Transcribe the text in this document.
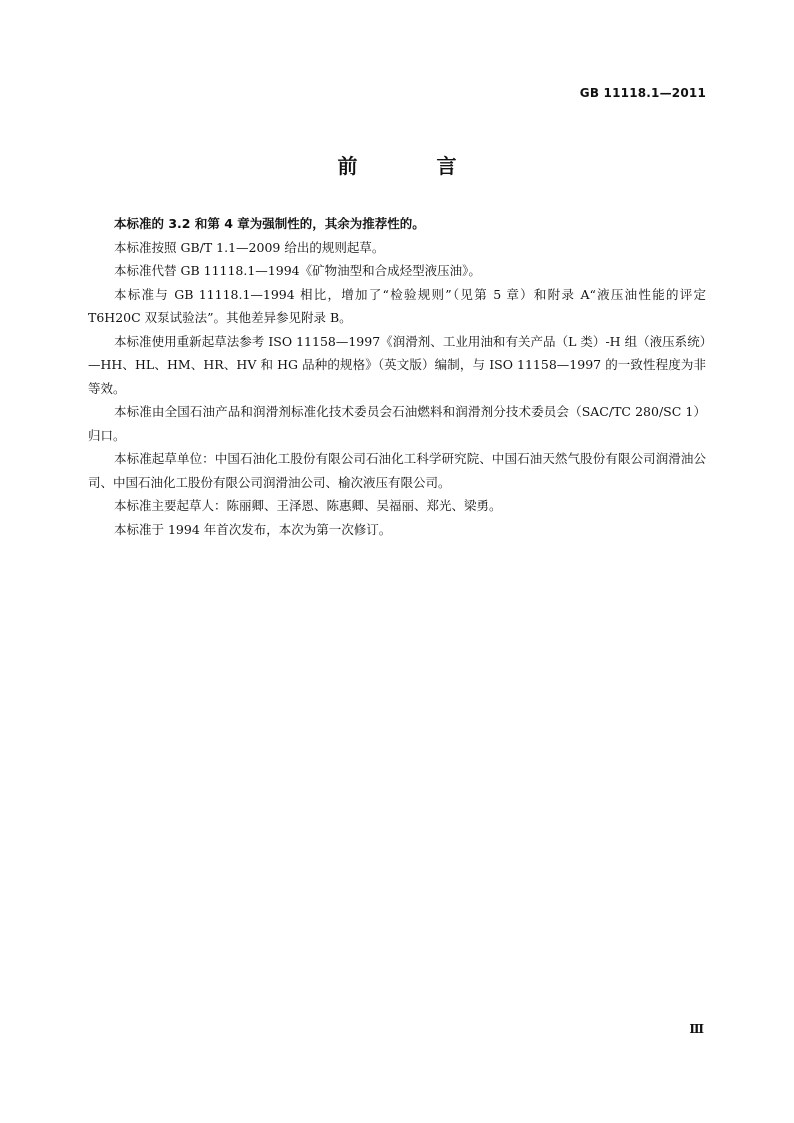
GB 11118.1—2011
前 言

本标准的 3.2 和第 4 章为强制性的，其余为推荐性的。

本标准按照 GB/T 1.1—2009 给出的规则起草。

本标准代替 GB 11118.1—1994《矿物油型和合成烃型液压油》。

本标准与 GB 11118.1—1994 相比，增加了“检验规则”（见第 5 章）和附录 A“液压油性能的评定 T6H20C 双泵试验法”。其他差异参见附录 B。

本标准使用重新起草法参考 ISO 11158—1997《润滑剂、工业用油和有关产品（L 类）-H 组（液压系统）—HH、HL、HM、HR、HV 和 HG 品种的规格》（英文版）编制，与 ISO 11158—1997 的一致性程度为非等效。

本标准由全国石油产品和润滑剂标准化技术委员会石油燃料和润滑剂分技术委员会（SAC/TC 280/SC 1）归口。

本标准起草单位：中国石油化工股份有限公司石油化工科学研究院、中国石油天然气股份有限公司润滑油公司、中国石油化工股份有限公司润滑油公司、榆次液压有限公司。

本标准主要起草人：陈丽卿、王泽恩、陈惠卿、吴福丽、郑光、梁勇。

本标准于 1994 年首次发布，本次为第一次修订。

Ⅲ
